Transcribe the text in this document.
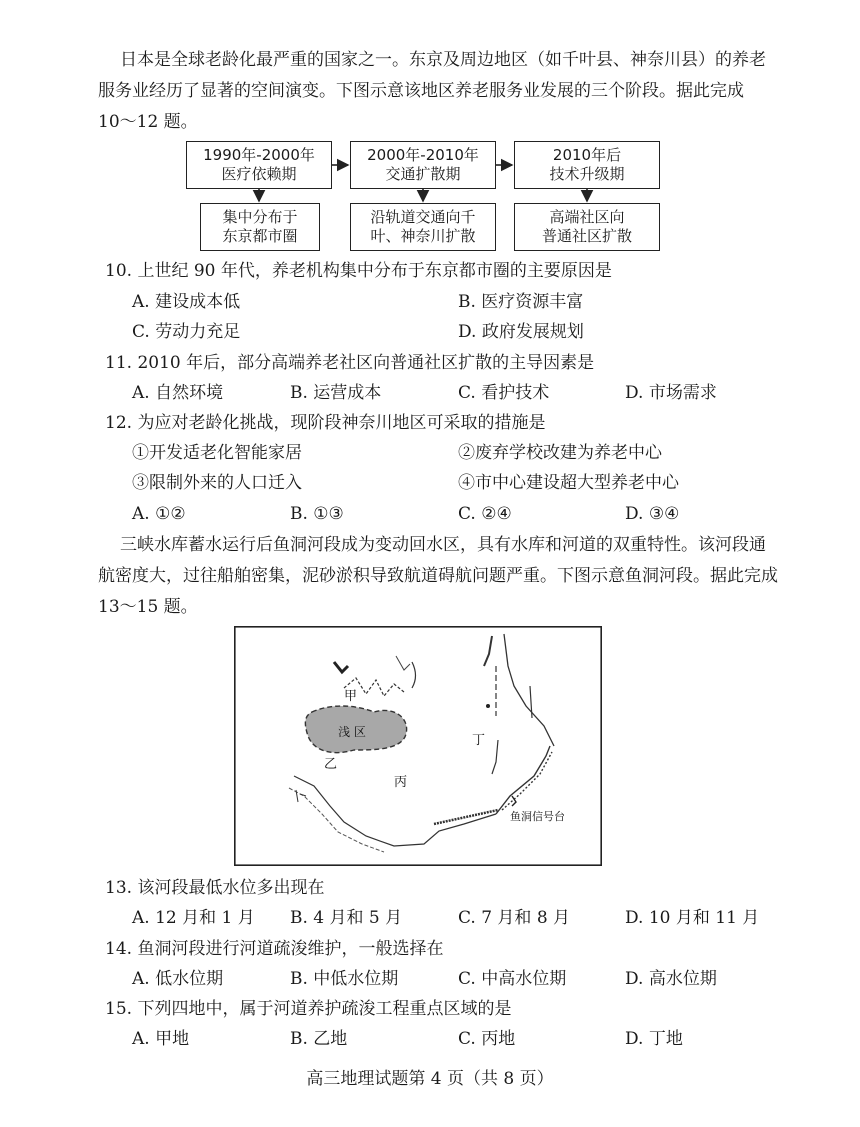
日本是全球老龄化最严重的国家之一。东京及周边地区（如千叶县、神奈川县）的养老
服务业经历了显著的空间演变。下图示意该地区养老服务业发展的三个阶段。据此完成
10～12 题。
1990年-2000年
医疗依赖期
2000年-2010年
交通扩散期
2010年后
技术升级期
集中分布于
东京都市圈
沿轨道交通向千
叶、神奈川扩散
高端社区向
普通社区扩散
10. 上世纪 90 年代，养老机构集中分布于东京都市圈的主要原因是
A. 建设成本低	B. 医疗资源丰富
C. 劳动力充足	D. 政府发展规划
11. 2010 年后，部分高端养老社区向普通社区扩散的主导因素是
A. 自然环境	B. 运营成本	C. 看护技术	D. 市场需求
12. 为应对老龄化挑战，现阶段神奈川地区可采取的措施是
①开发适老化智能家居	②废弃学校改建为养老中心
③限制外来的人口迁入	④市中心建设超大型养老中心
A. ①②	B. ①③	C. ②④	D. ③④
三峡水库蓄水运行后鱼洞河段成为变动回水区，具有水库和河道的双重特性。该河段通
航密度大，过往船舶密集，泥砂淤积导致航道碍航问题严重。下图示意鱼洞河段。据此完成
13～15 题。
浅 区
甲
乙
丙
丁
鱼洞信号台
13. 该河段最低水位多出现在
A. 12 月和 1 月 B. 4 月和 5 月	C. 7 月和 8 月	D. 10 月和 11 月
14. 鱼洞河段进行河道疏浚维护，一般选择在
A. 低水位期	B. 中低水位期	C. 中高水位期	D. 高水位期
15. 下列四地中，属于河道养护疏浚工程重点区域的是
A. 甲地	B. 乙地	C. 丙地	D. 丁地
高三地理试题第 4 页（共 8 页）
